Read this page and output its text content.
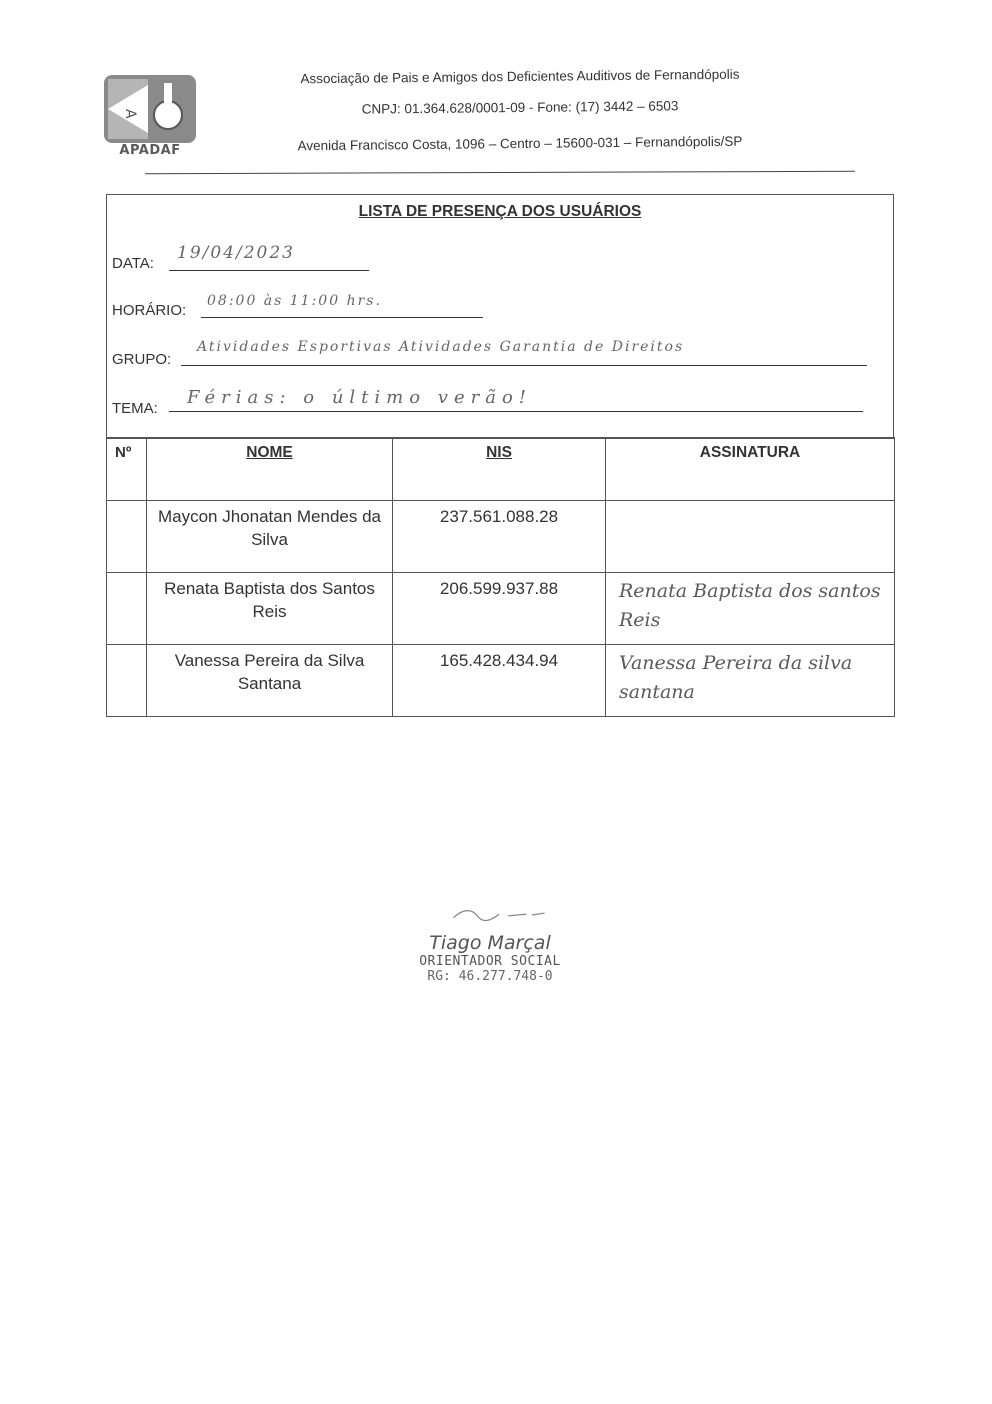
A
APADAF
Associação de Pais e Amigos dos Deficientes Auditivos de Fernandópolis
CNPJ: 01.364.628/0001-09 - Fone: (17) 3442 – 6503
Avenida Francisco Costa, 1096 – Centro – 15600-031 – Fernandópolis/SP
LISTA DE PRESENÇA DOS USUÁRIOS
DATA:
19/04/2023
HORÁRIO:
08:00 às 11:00 hrs.
GRUPO:
Atividades Esportivas Atividades Garantia de Direitos
TEMA:
Férias: o último verão!
Nº	NOME	NIS	ASSINATURA
	Maycon Jhonatan Mendes da Silva	237.561.088.28	

	Renata Baptista dos Santos Reis	206.599.937.88	Renata Baptista dos santos Reis

	Vanessa Pereira da Silva Santana	165.428.434.94	Vanessa Pereira da silva santana
Tiago Marçal
ORIENTADOR SOCIAL
RG: 46.277.748-0
